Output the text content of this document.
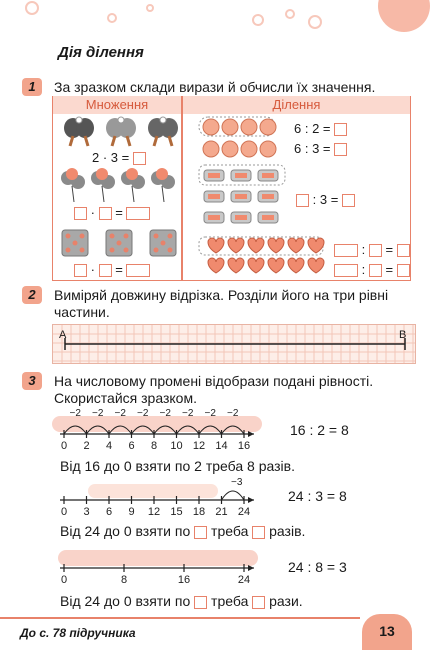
Дія ділення
1	За зразком склади вирази й обчисли їх значення.
Множення	Ділення
2 · 3 =
· =
· =
6 : 2 =
6 : 3 =
: 3 =
: =
: =
2	Виміряй довжину відрізка. Розділи його на три рівні частини.
A	B
3	На числовому промені відобрази подані рівності. Скористайся зразком.
0 2 4 6 8 10 12 14 16
−2 −2 −2 −2 −2 −2 −2 −2
16 : 2 = 8
Від 16 до 0 взяти по 2 треба 8 разів.
0 3 6 9 12 15 18 21 24
−3
24 : 3 = 8
Від 24 до 0 взяти по треба разів.
0	8	16	24
24 : 8 = 3
Від 24 до 0 взяти по треба рази.
До с. 78 підручника	13
